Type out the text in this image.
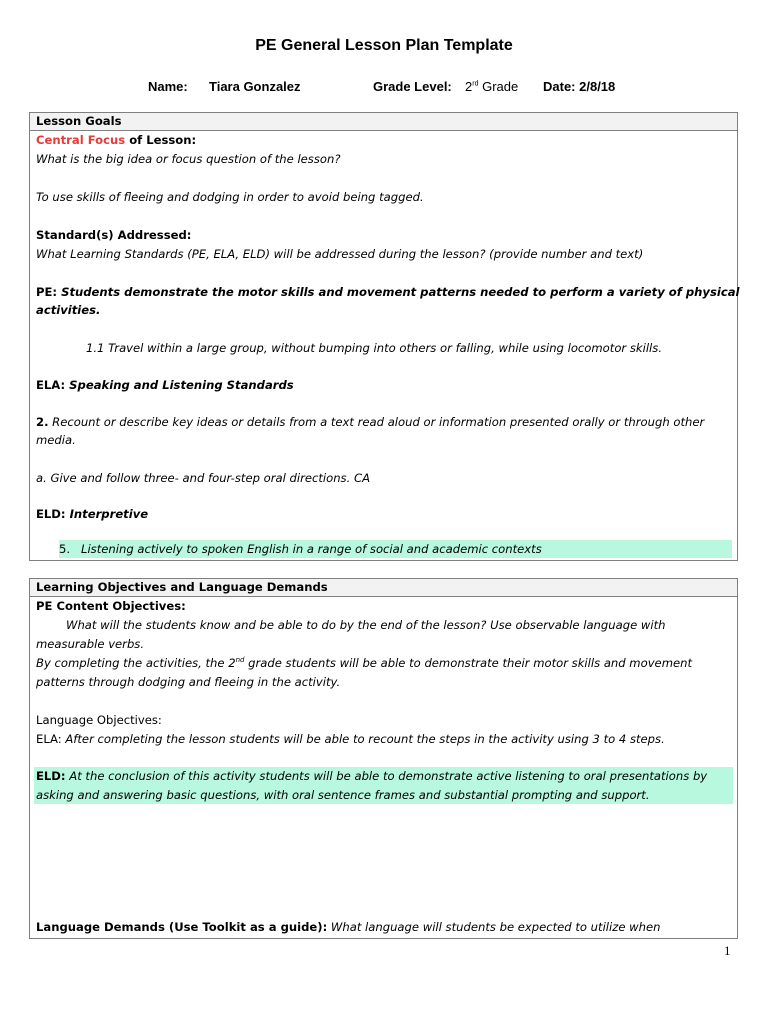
PE General Lesson Plan Template
Name: Tiara Gonzalez	Grade Level: 2rd Grade Date: 2/8/18
Lesson Goals
Central Focus of Lesson:
What is the big idea or focus question of the lesson?
To use skills of fleeing and dodging in order to avoid being tagged.
Standard(s) Addressed:
What Learning Standards (PE, ELA, ELD) will be addressed during the lesson? (provide number and text)
PE: Students demonstrate the motor skills and movement patterns needed to perform a variety of physical
activities.
1.1 Travel within a large group, without bumping into others or falling, while using locomotor skills.
ELA: Speaking and Listening Standards
2. Recount or describe key ideas or details from a text read aloud or information presented orally or through other
media.
a. Give and follow three- and four-step oral directions. CA
ELD: Interpretive
5. Listening actively to spoken English in a range of social and academic contexts
Learning Objectives and Language Demands
PE Content Objectives:
What will the students know and be able to do by the end of the lesson? Use observable language with
measurable verbs.
By completing the activities, the 2nd grade students will be able to demonstrate their motor skills and movement
patterns through dodging and fleeing in the activity.
Language Objectives:
ELA: After completing the lesson students will be able to recount the steps in the activity using 3 to 4 steps.
ELD: At the conclusion of this activity students will be able to demonstrate active listening to oral presentations by
asking and answering basic questions, with oral sentence frames and substantial prompting and support.
Language Demands (Use Toolkit as a guide): What language will students be expected to utilize when
1
